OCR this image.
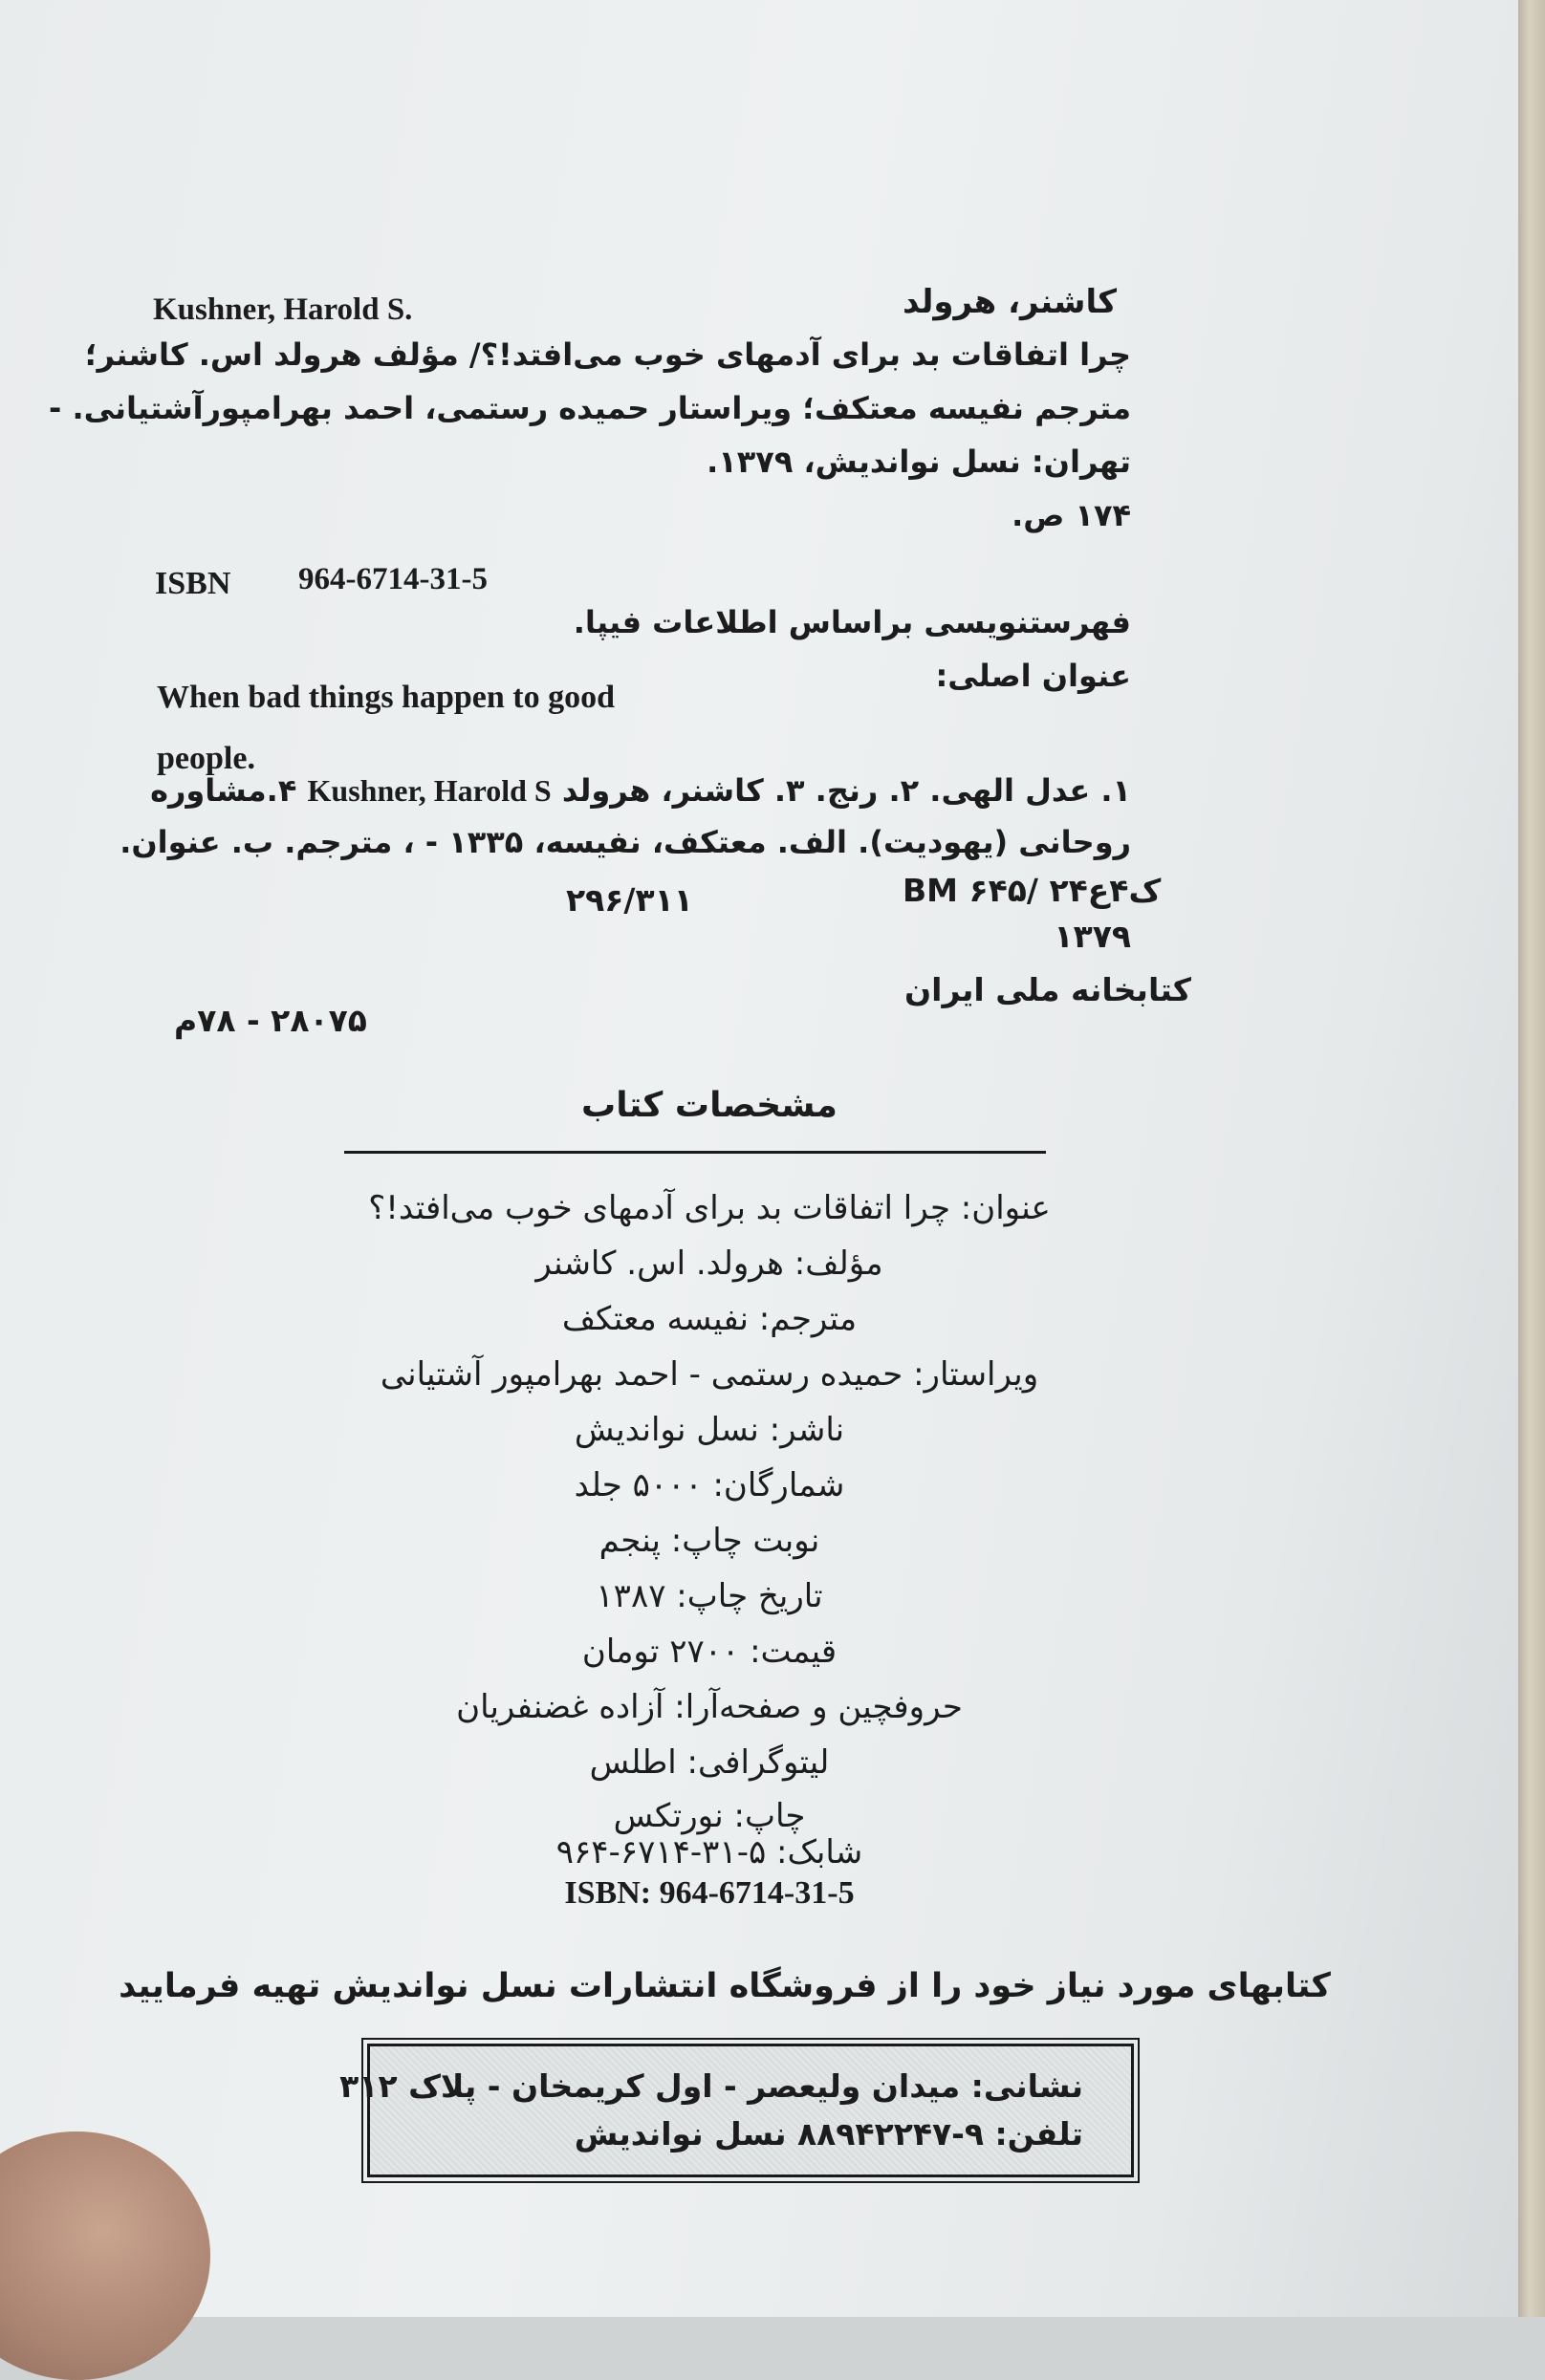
Kushner, Harold S.	کاشنر، هرولد
چرا اتفاقات بد برای آدمهای خوب می‌افتد!؟/ مؤلف هرولد اس. کاشنر؛
مترجم نفیسه معتکف؛ ویراستار حمیده رستمی، احمد بهرامپورآشتیانی. -
تهران: نسل نواندیش، ۱۳۷۹.
۱۷۴ ص.
ISBN 964-6714-31-5
فهرستنویسی براساس اطلاعات فیپا.
عنوان اصلی:
When bad things happen to good people.
۱. عدل الهی. ۲. رنج. ۳. کاشنر، هرولد Kushner, Harold S ۴.مشاوره
روحانی (یهودیت). الف. معتکف، نفیسه، ۱۳۳۵ - ، مترجم. ب. عنوان.
BM ۶۴۵/ ۲ک۴ع۴
۲۹۶/۳۱۱
۱۳۷۹
کتابخانه ملی ایران
۲۸۰۷۵ - ۷۸م
مشخصات کتاب
عنوان: چرا اتفاقات بد برای آدمهای خوب می‌افتد!؟
مؤلف: هرولد. اس. کاشنر
مترجم: نفیسه معتکف
ویراستار: حمیده رستمی - احمد بهرامپور آشتیانی
ناشر: نسل نواندیش
شمارگان: ۵۰۰۰ جلد
نوبت چاپ: پنجم
تاریخ چاپ: ۱۳۸۷
قیمت: ۲۷۰۰ تومان
حروفچین و صفحه‌آرا: آزاده غضنفریان
لیتوگرافی: اطلس
چاپ: نورتکس
شابک: ۵-۳۱-۶۷۱۴-۹۶۴
ISBN: 964-6714-31-5
کتابهای مورد نیاز خود را از فروشگاه انتشارات نسل نواندیش تهیه فرمایید
نشانی: میدان ولیعصر - اول کریمخان - پلاک ۳۱۲
تلفن: ۹-۸۸۹۴۲۲۴۷ نسل نواندیش
